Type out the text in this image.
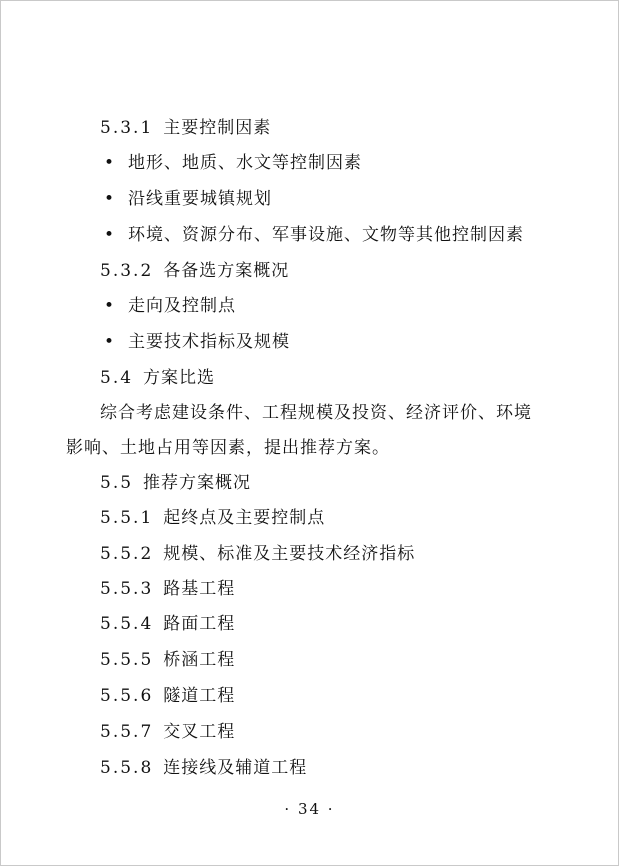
5.3.1 主要控制因素
• 地形、地质、水文等控制因素
• 沿线重要城镇规划
• 环境、资源分布、军事设施、文物等其他控制因素
5.3.2 各备选方案概况
• 走向及控制点
• 主要技术指标及规模
5.4 方案比选
综合考虑建设条件、工程规模及投资、经济评价、环境
影响、土地占用等因素，提出推荐方案。
5.5 推荐方案概况
5.5.1 起终点及主要控制点
5.5.2 规模、标准及主要技术经济指标
5.5.3 路基工程
5.5.4 路面工程
5.5.5 桥涵工程
5.5.6 隧道工程
5.5.7 交叉工程
5.5.8 连接线及辅道工程
· 34 ·
